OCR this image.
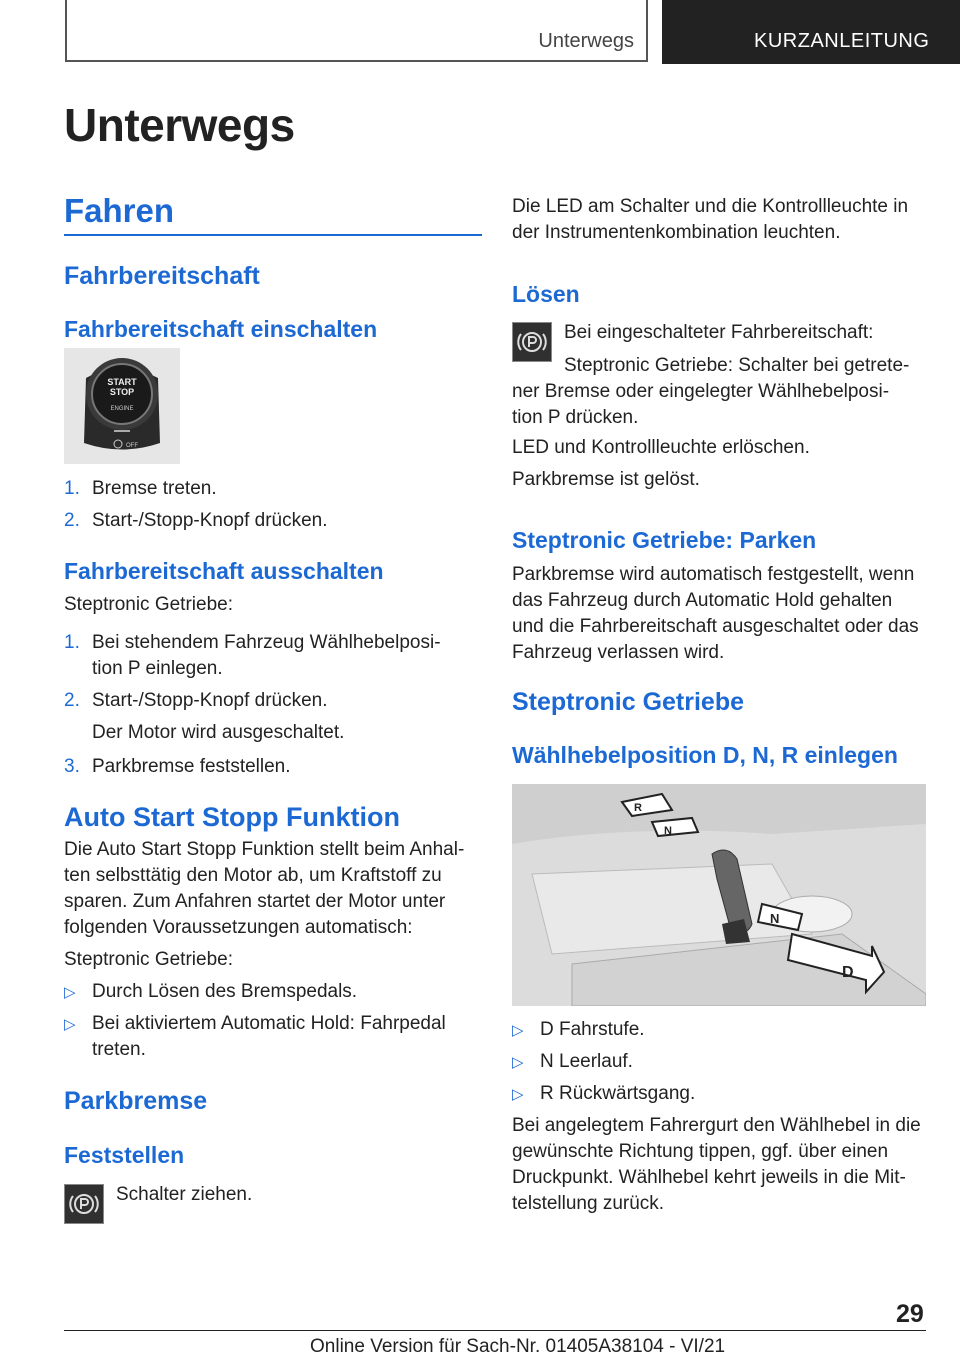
Unterwegs	KURZANLEITUNG
Unterwegs
Fahren
Fahrbereitschaft
Fahrbereitschaft einschalten
START
STOP
ENGINE
OFF
1. Bremse treten.
2. Start-/Stopp-Knopf drücken.
Fahrbereitschaft ausschalten
Steptronic Getriebe:
1. Bei stehendem Fahrzeug Wählhebelposi-
tion P einlegen.
2. Start-/Stopp-Knopf drücken.
Der Motor wird ausgeschaltet.
3. Parkbremse feststellen.
Auto Start Stopp Funktion
Die Auto Start Stopp Funktion stellt beim Anhal-
ten selbsttätig den Motor ab, um Kraftstoff zu
sparen. Zum Anfahren startet der Motor unter
folgenden Voraussetzungen automatisch:
Steptronic Getriebe:
▷ Durch Lösen des Bremspedals.
▷ Bei aktiviertem Automatic Hold: Fahrpedal
treten.
Parkbremse
Feststellen
Schalter ziehen.
Die LED am Schalter und die Kontrollleuchte in
der Instrumentenkombination leuchten.
Lösen
Bei eingeschalteter Fahrbereitschaft:
Steptronic Getriebe: Schalter bei getrete-
ner Bremse oder eingelegter Wählhebelposi-
tion P drücken.
LED und Kontrollleuchte erlöschen.
Parkbremse ist gelöst.
Steptronic Getriebe: Parken
Parkbremse wird automatisch festgestellt, wenn
das Fahrzeug durch Automatic Hold gehalten
und die Fahrbereitschaft ausgeschaltet oder das
Fahrzeug verlassen wird.
Steptronic Getriebe
Wählhebelposition D, N, R einlegen
R
N
N
D
▷ D Fahrstufe.
▷ N Leerlauf.
▷ R Rückwärtsgang.
Bei angelegtem Fahrergurt den Wählhebel in die
gewünschte Richtung tippen, ggf. über einen
Druckpunkt. Wählhebel kehrt jeweils in die Mit-
telstellung zurück.
29
Online Version für Sach-Nr. 01405A38104 - VI/21
